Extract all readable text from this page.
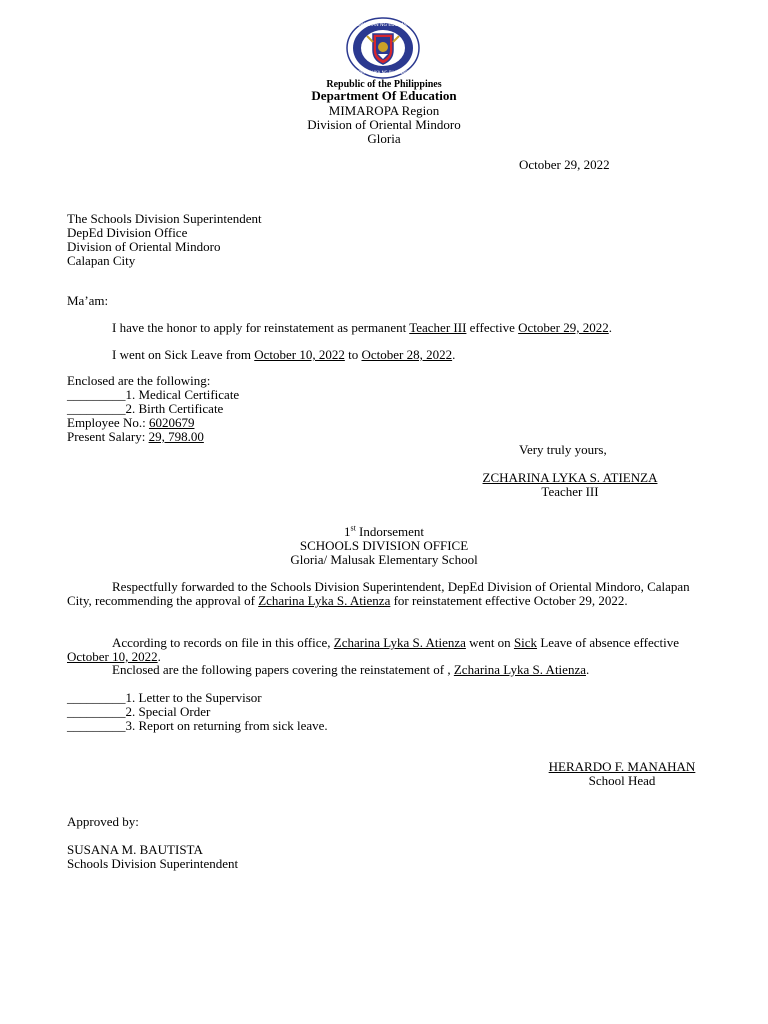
KAGAWARAN NG EDUKASYON
REPUBLIKA NG PILIPINAS
Republic of the Philippines
Department Of Education
MIMAROPA Region
Division of Oriental Mindoro
Gloria
October 29, 2022
The Schools Division Superintendent
DepEd Division Office
Division of Oriental Mindoro
Calapan City
Ma’am:
I have the honor to apply for reinstatement as permanent Teacher III effective October 29, 2022.
I went on Sick Leave from October 10, 2022 to October 28, 2022.
Enclosed are the following:
_________1. Medical Certificate
_________2. Birth Certificate
Employee No.: 6020679
Present Salary: 29, 798.00
Very truly yours,
ZCHARINA LYKA S. ATIENZA
Teacher III
1st Indorsement
SCHOOLS DIVISION OFFICE
Gloria/ Malusak Elementary School
Respectfully forwarded to the Schools Division Superintendent, DepEd Division of Oriental Mindoro, Calapan City, recommending the approval of Zcharina Lyka S. Atienza for reinstatement effective October 29, 2022.
According to records on file in this office, Zcharina Lyka S. Atienza went on Sick Leave of absence effective October 10, 2022.
Enclosed are the following papers covering the reinstatement of , Zcharina Lyka S. Atienza.
_________1. Letter to the Supervisor
_________2. Special Order
_________3. Report on returning from sick leave.
HERARDO F. MANAHAN
School Head
Approved by:
SUSANA M. BAUTISTA
Schools Division Superintendent
